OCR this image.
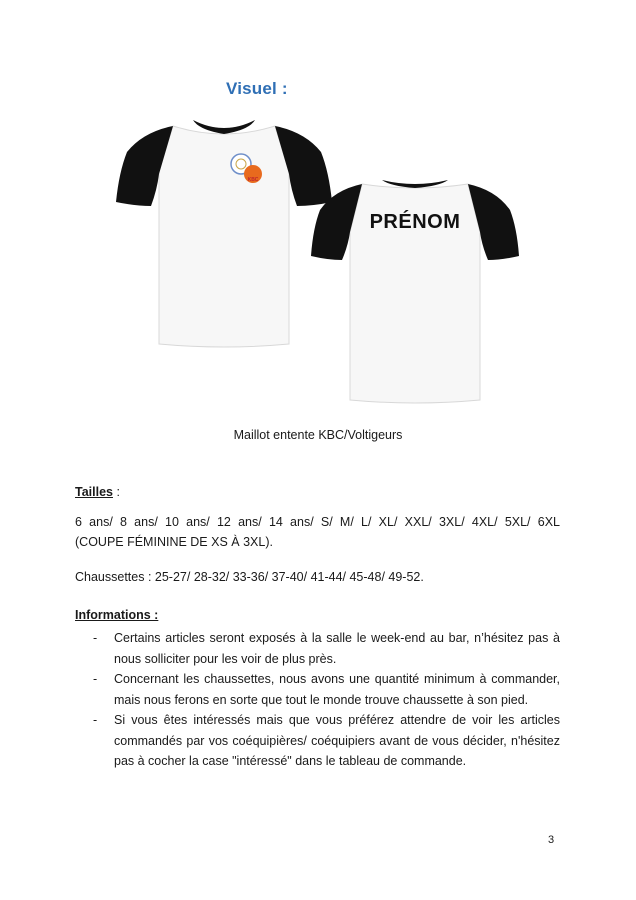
Visuel :
KBC
PRÉNOM
Maillot entente KBC/Voltigeurs
Tailles :
6 ans/ 8 ans/ 10 ans/ 12 ans/ 14 ans/ S/ M/ L/ XL/ XXL/ 3XL/ 4XL/ 5XL/ 6XL
(COUPE FÉMININE DE XS À 3XL).
Chaussettes : 25-27/ 28-32/ 33-36/ 37-40/ 41-44/ 45-48/ 49-52.
Informations :
- Certains articles seront exposés à la salle le week-end au bar, n’hésitez pas à nous solliciter pour les voir de plus près.
- Concernant les chaussettes, nous avons une quantité minimum à commander, mais nous ferons en sorte que tout le monde trouve chaussette à son pied.
- Si vous êtes intéressés mais que vous préférez attendre de voir les articles commandés par vos coéquipières/ coéquipiers avant de vous décider, n'hésitez pas à cocher la case "intéressé" dans le tableau de commande.
3
